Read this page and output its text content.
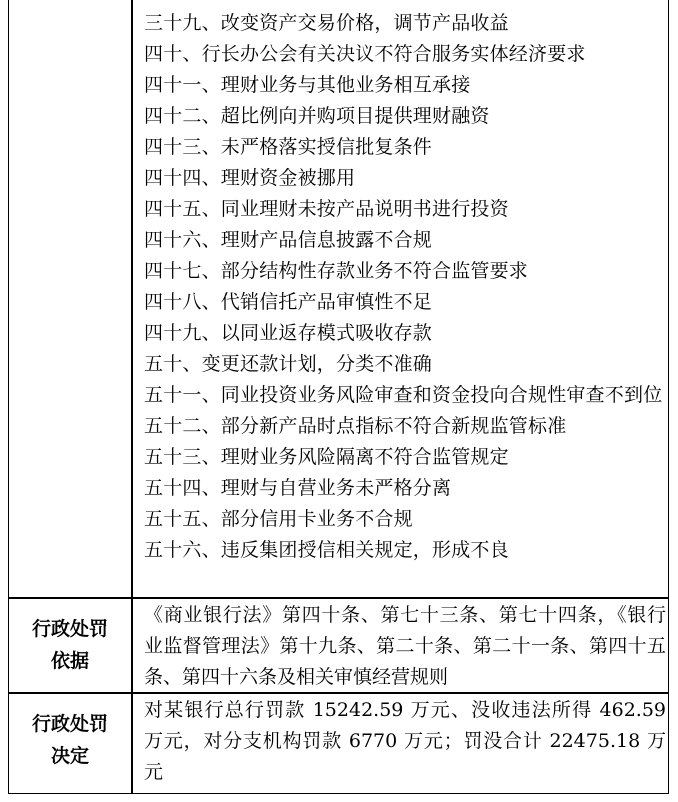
三十九、改变资产交易价格，调节产品收益
四十、行长办公会有关决议不符合服务实体经济要求
四十一、理财业务与其他业务相互承接
四十二、超比例向并购项目提供理财融资
四十三、未严格落实授信批复条件
四十四、理财资金被挪用
四十五、同业理财未按产品说明书进行投资
四十六、理财产品信息披露不合规
四十七、部分结构性存款业务不符合监管要求
四十八、代销信托产品审慎性不足
四十九、以同业返存模式吸收存款
五十、变更还款计划，分类不准确
五十一、同业投资业务风险审查和资金投向合规性审查不到位
五十二、部分新产品时点指标不符合新规监管标准
五十三、理财业务风险隔离不符合监管规定
五十四、理财与自营业务未严格分离
五十五、部分信用卡业务不合规
五十六、违反集团授信相关规定，形成不良
行政处罚
依据
《商业银行法》第四十条、第七十三条、第七十四条，《银行业监督管理法》第十九条、第二十条、第二十一条、第四十五条、第四十六条及相关审慎经营规则
行政处罚
决定
对某银行总行罚款 15242.59 万元、没收违法所得 462.59 万元，对分支机构罚款 6770 万元；罚没合计 22475.18 万元
